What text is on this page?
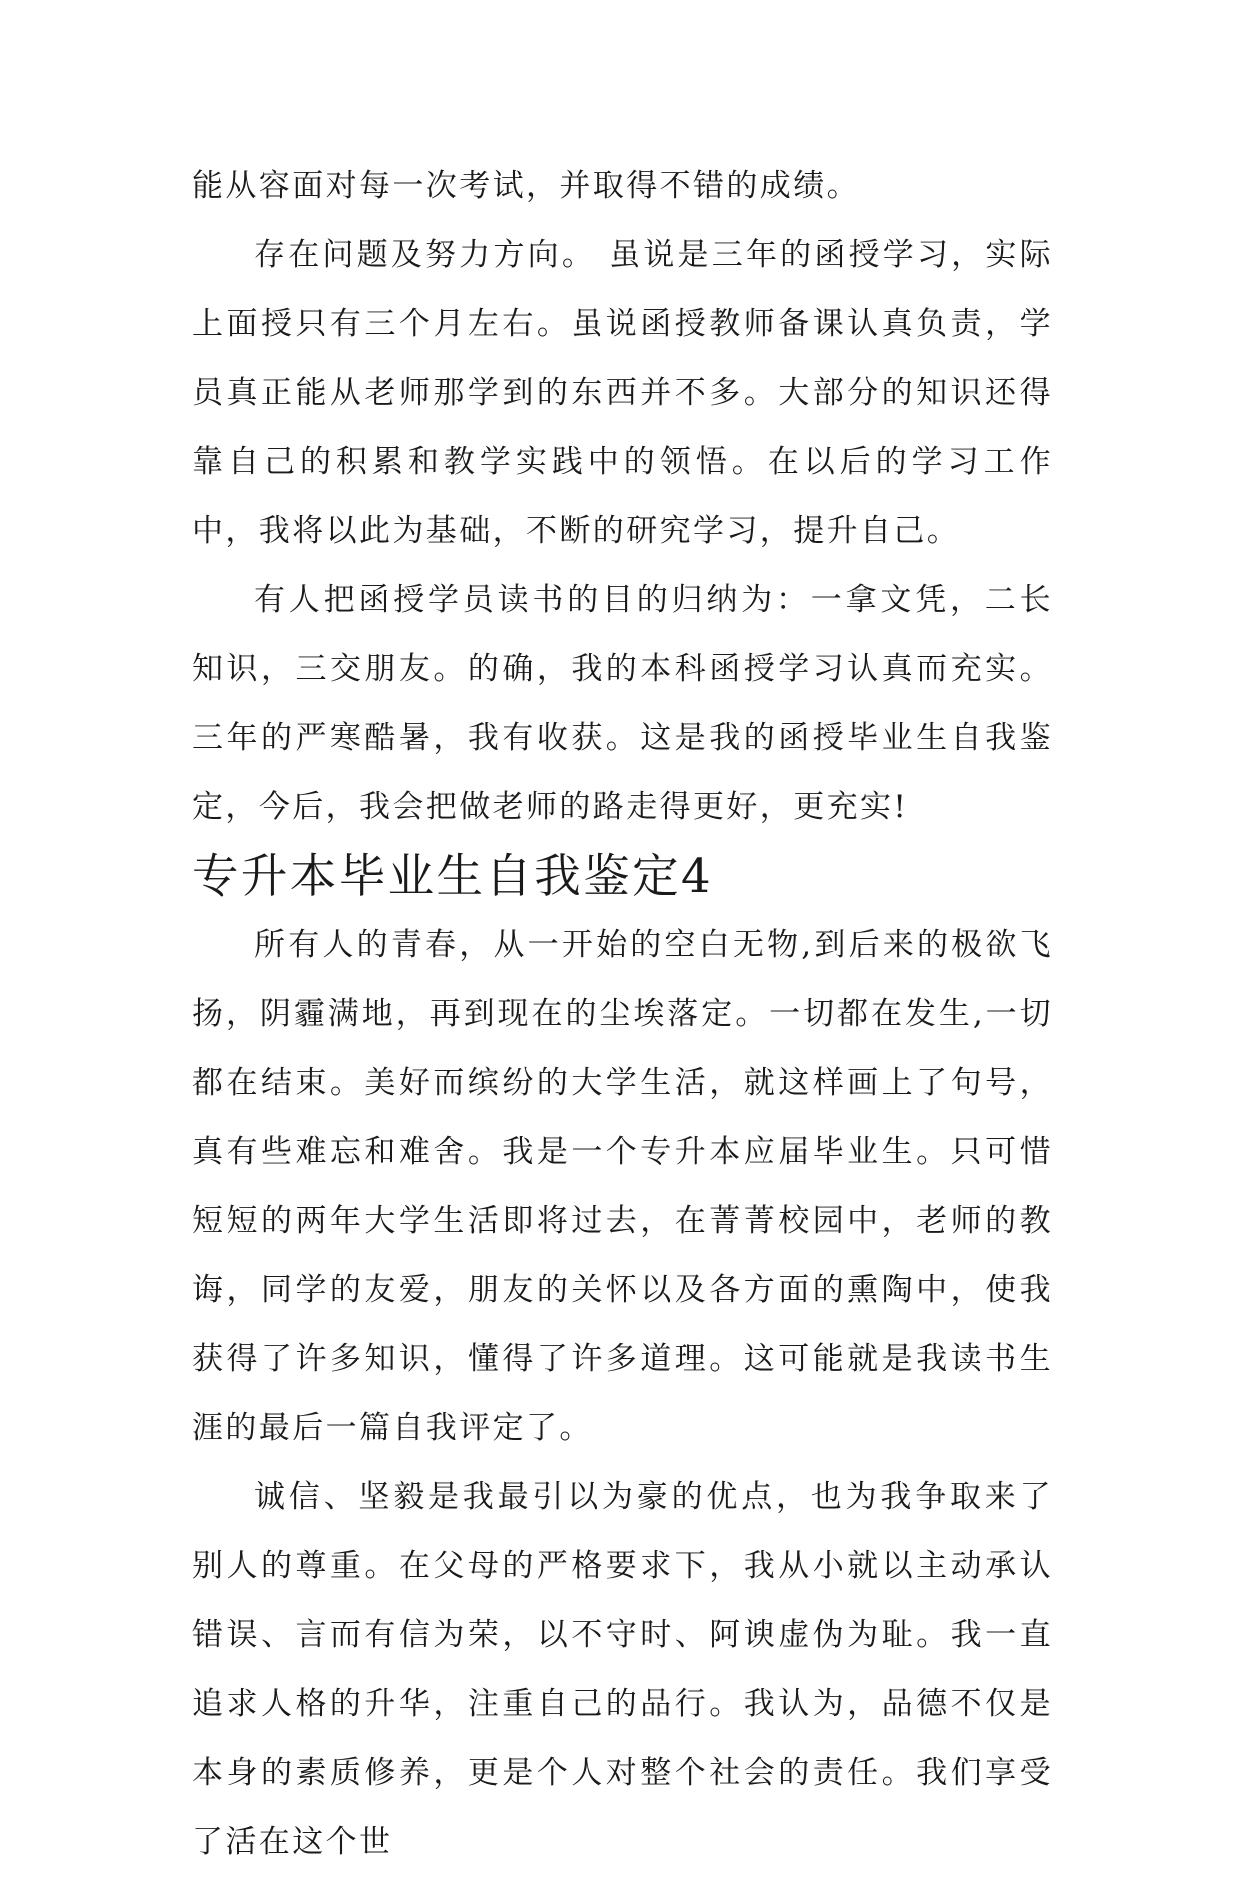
能从容面对每一次考试，并取得不错的成绩。

存在问题及努力方向。 虽说是三年的函授学习，实际上面授只有三个月左右。虽说函授教师备课认真负责，学员真正能从老师那学到的东西并不多。大部分的知识还得靠自己的积累和教学实践中的领悟。在以后的学习工作中，我将以此为基础，不断的研究学习，提升自己。

有人把函授学员读书的目的归纳为：一拿文凭，二长知识，三交朋友。的确，我的本科函授学习认真而充实。三年的严寒酷暑，我有收获。这是我的函授毕业生自我鉴定，今后，我会把做老师的路走得更好，更充实!

专升本毕业生自我鉴定4

所有人的青春，从一开始的空白无物,到后来的极欲飞扬，阴霾满地，再到现在的尘埃落定。一切都在发生,一切都在结束。美好而缤纷的大学生活，就这样画上了句号，真有些难忘和难舍。我是一个专升本应届毕业生。只可惜短短的两年大学生活即将过去，在菁菁校园中，老师的教诲，同学的友爱，朋友的关怀以及各方面的熏陶中，使我获得了许多知识，懂得了许多道理。这可能就是我读书生涯的最后一篇自我评定了。

诚信、坚毅是我最引以为豪的优点，也为我争取来了别人的尊重。在父母的严格要求下，我从小就以主动承认错误、言而有信为荣，以不守时、阿谀虚伪为耻。我一直追求人格的升华，注重自己的品行。我认为，品德不仅是本身的素质修养，更是个人对整个社会的责任。我们享受了活在这个世
